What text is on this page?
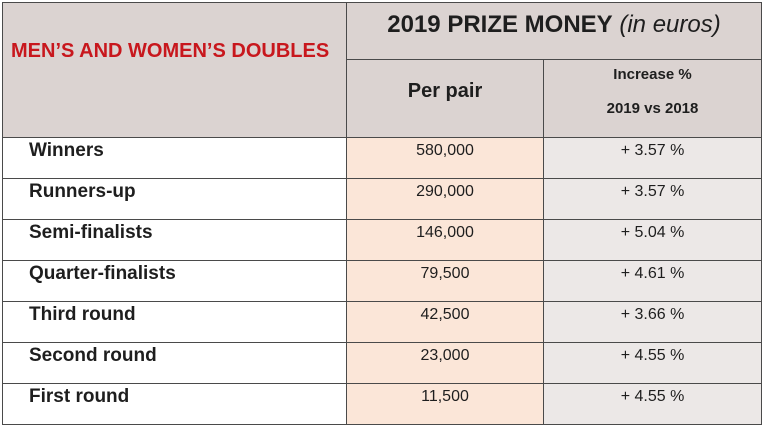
MEN’S AND WOMEN’S DOUBLES
2019 PRIZE MONEY (in euros)
Per pair
Increase %
2019 vs 2018
Winners	580,000	+ 3.57 %
Runners-up	290,000	+ 3.57 %
Semi-finalists	146,000	+ 5.04 %
Quarter-finalists	79,500	+ 4.61 %
Third round	42,500	+ 3.66 %
Second round	23,000	+ 4.55 %
First round	11,500	+ 4.55 %
